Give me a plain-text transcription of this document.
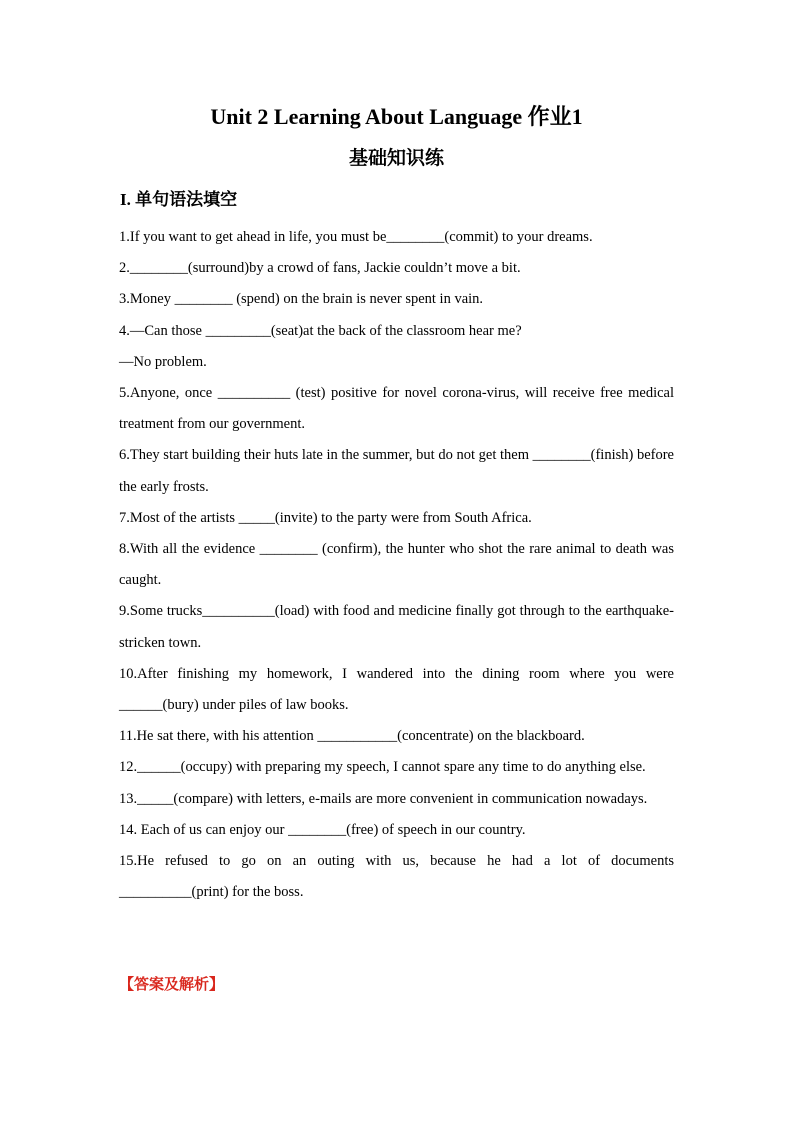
Unit 2 Learning About Language 作业1
基础知识练
I. 单句语法填空

1.If you want to get ahead in life, you must be________(commit) to your dreams.

2.________(surround)by a crowd of fans, Jackie couldn’t move a bit.

3.Money ________ (spend) on the brain is never spent in vain.

4.—Can those _________(seat)at the back of the classroom hear me?

—No problem.

5.Anyone, once __________ (test) positive for novel corona-virus, will receive free medical treatment from our government.

6.They start building their huts late in the summer, but do not get them ________(finish) before the early frosts.

7.Most of the artists _____(invite) to the party were from South Africa.

8.With all the evidence ________ (confirm), the hunter who shot the rare animal to death was caught.

9.Some trucks__________(load) with food and medicine finally got through to the earthquake-stricken town.

10.After finishing my homework, I wandered into the dining room where you were ______(bury) under piles of law books.

11.He sat there, with his attention ___________(concentrate) on the blackboard.

12.______(occupy) with preparing my speech, I cannot spare any time to do anything else.

13._____(compare) with letters, e-mails are more convenient in communication nowadays.

14. Each of us can enjoy our ________(free) of speech in our country.

15.He refused to go on an outing with us, because he had a lot of documents __________(print) for the boss.

【答案及解析】
